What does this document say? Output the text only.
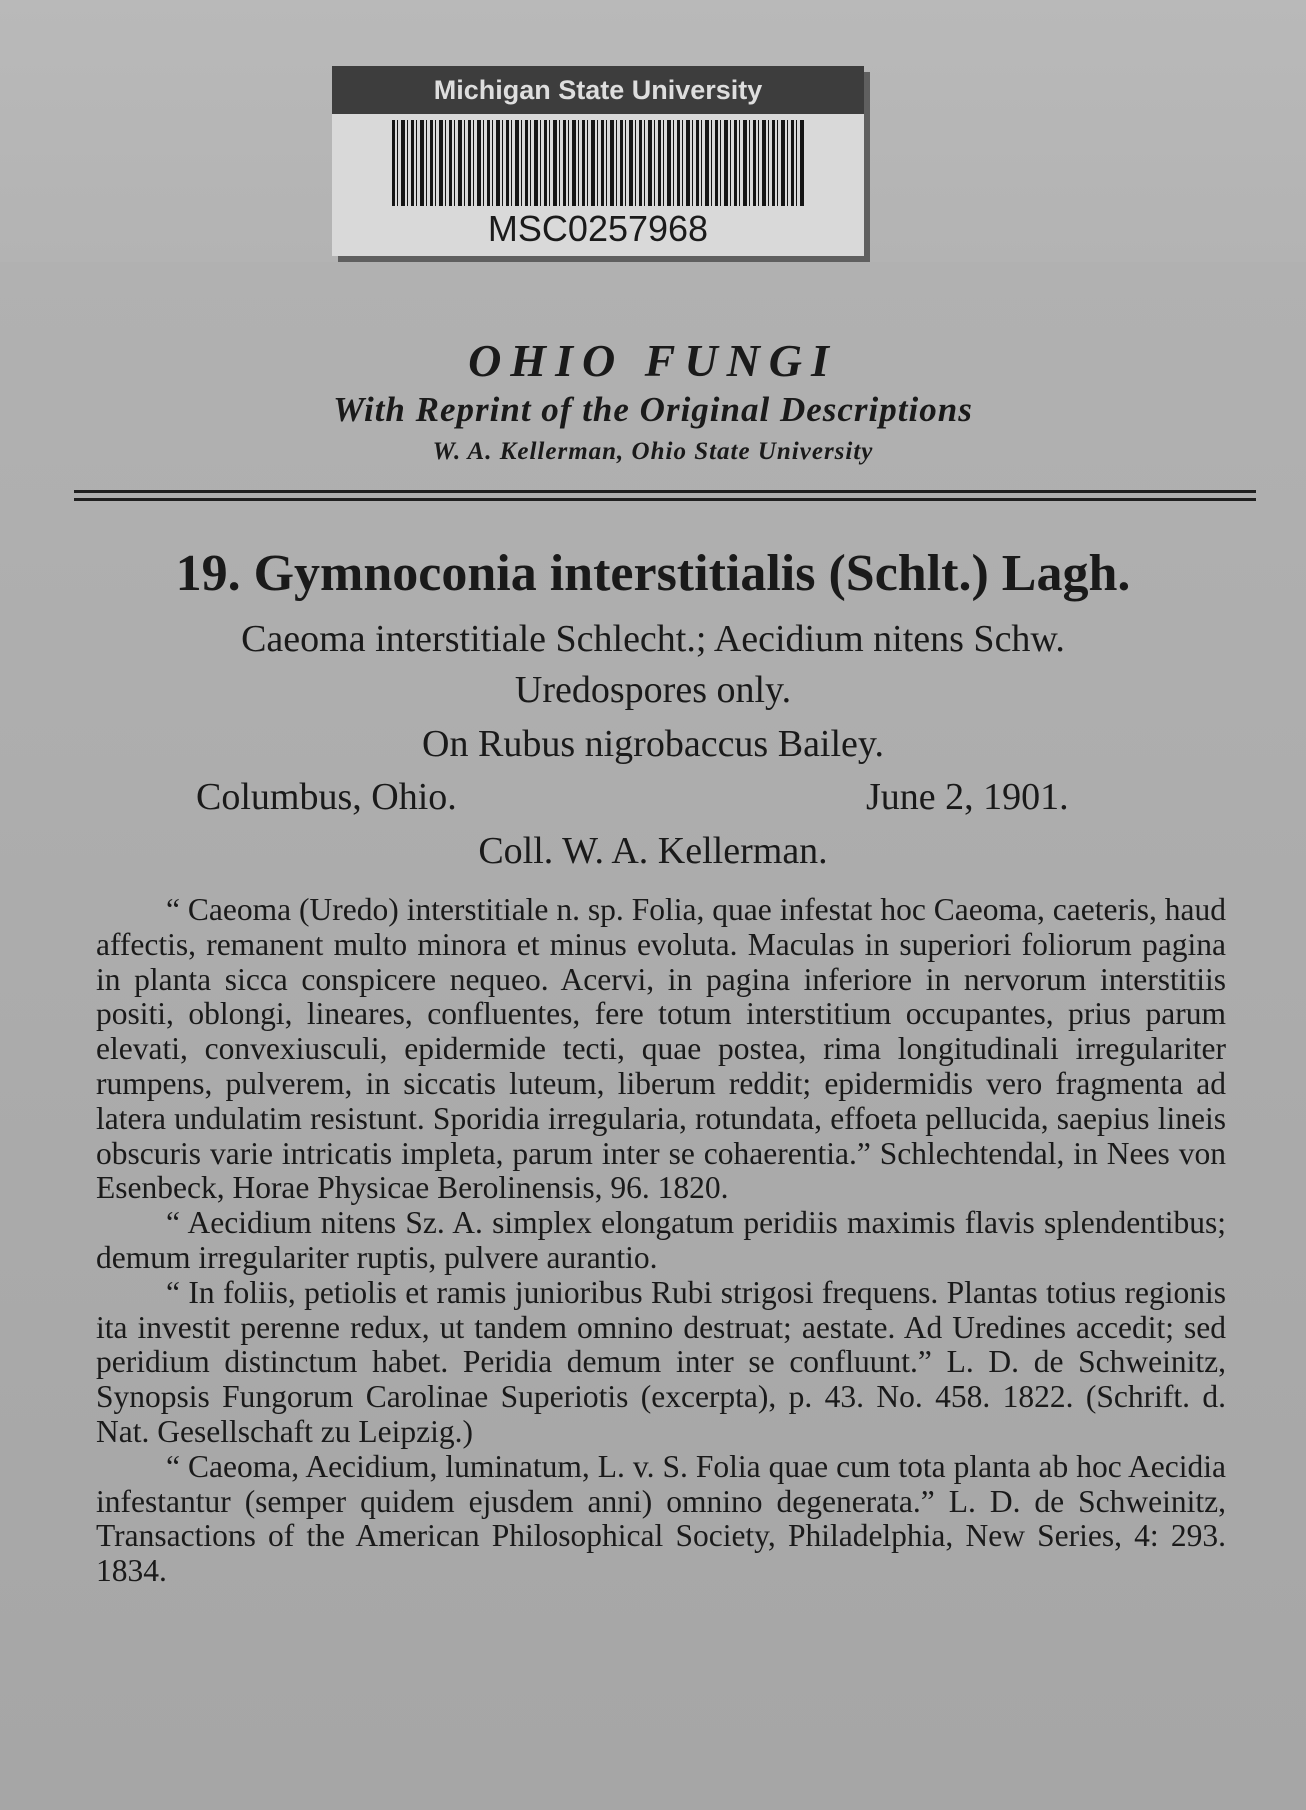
Michigan State University
MSC0257968
OHIO FUNGI
With Reprint of the Original Descriptions
W. A. Kellerman, Ohio State University
19. Gymnoconia interstitialis (Schlt.) Lagh.
Caeoma interstitiale Schlecht.; Aecidium nitens Schw.
Uredospores only.
On Rubus nigrobaccus Bailey.
Columbus, Ohio.	June 2, 1901.
Coll. W. A. Kellerman.

“ Caeoma (Uredo) interstitiale n. sp. Folia, quae infestat hoc Caeoma, caeteris, haud affectis, remanent multo minora et minus evoluta. Maculas in superiori foliorum pagina in planta sicca conspicere nequeo. Acervi, in pagina inferiore in nervorum interstitiis positi, oblongi, lineares, confluentes, fere totum interstitium occupantes, prius parum elevati, convexiusculi, epidermide tecti, quae postea, rima longitudinali irregulariter rumpens, pulverem, in siccatis luteum, liberum reddit; epidermidis vero fragmenta ad latera undulatim resistunt. Sporidia irregularia, rotundata, effoeta pellucida, saepius lineis obscuris varie intricatis impleta, parum inter se cohaerentia.” Schlechtendal, in Nees von Esenbeck, Horae Physicae Berolinensis, 96. 1820.

“ Aecidium nitens Sz. A. simplex elongatum peridiis maximis flavis splendentibus; demum irregulariter ruptis, pulvere aurantio.

“ In foliis, petiolis et ramis junioribus Rubi strigosi frequens. Plantas totius regionis ita investit perenne redux, ut tandem omnino destruat; aestate. Ad Uredines accedit; sed peridium distinctum habet. Peridia demum inter se confluunt.” L. D. de Schweinitz, Synopsis Fungorum Carolinae Superiotis (excerpta), p. 43. No. 458. 1822. (Schrift. d. Nat. Gesellschaft zu Leipzig.)

“ Caeoma, Aecidium, luminatum, L. v. S. Folia quae cum tota planta ab hoc Aecidia infestantur (semper quidem ejusdem anni) omnino degenerata.” L. D. de Schweinitz, Transactions of the American Philosophical Society, Philadelphia, New Series, 4: 293. 1834.
